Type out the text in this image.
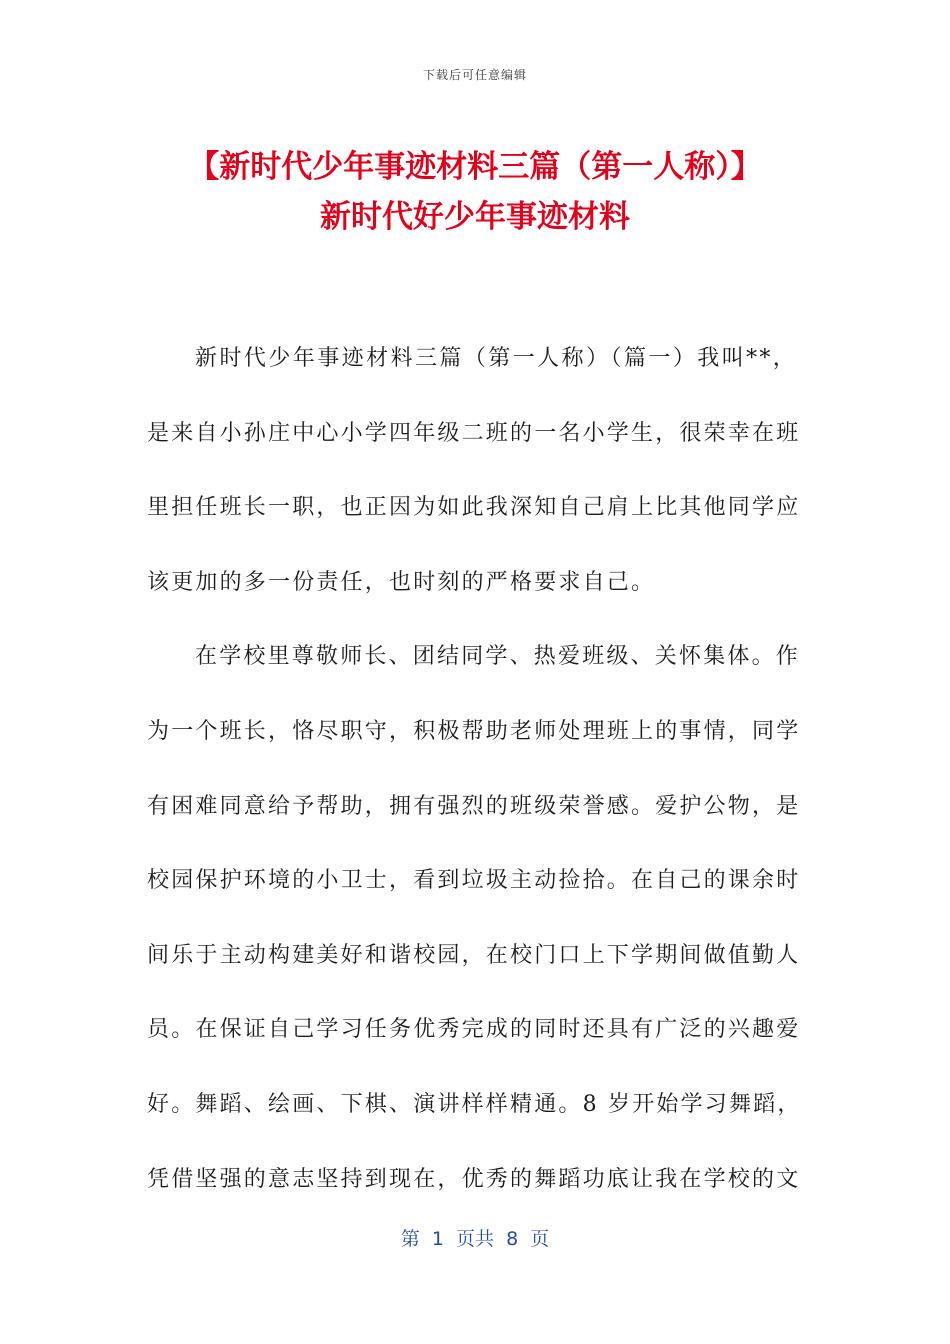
下载后可任意编辑
【新时代少年事迹材料三篇（第一人称）】
新时代好少年事迹材料

新时代少年事迹材料三篇（第一人称）（篇一）我叫**，
是来自小孙庄中心小学四年级二班的一名小学生，很荣幸在班
里担任班长一职，也正因为如此我深知自己肩上比其他同学应
该更加的多一份责任，也时刻的严格要求自己。

在学校里尊敬师长、团结同学、热爱班级、关怀集体。作
为一个班长，恪尽职守，积极帮助老师处理班上的事情，同学
有困难同意给予帮助，拥有强烈的班级荣誉感。爱护公物，是
校园保护环境的小卫士，看到垃圾主动捡拾。在自己的课余时
间乐于主动构建美好和谐校园，在校门口上下学期间做值勤人
员。在保证自己学习任务优秀完成的同时还具有广泛的兴趣爱
好。舞蹈、绘画、下棋、演讲样样精通。8 岁开始学习舞蹈，
凭借坚强的意志坚持到现在，优秀的舞蹈功底让我在学校的文

第  1  页共  8  页
